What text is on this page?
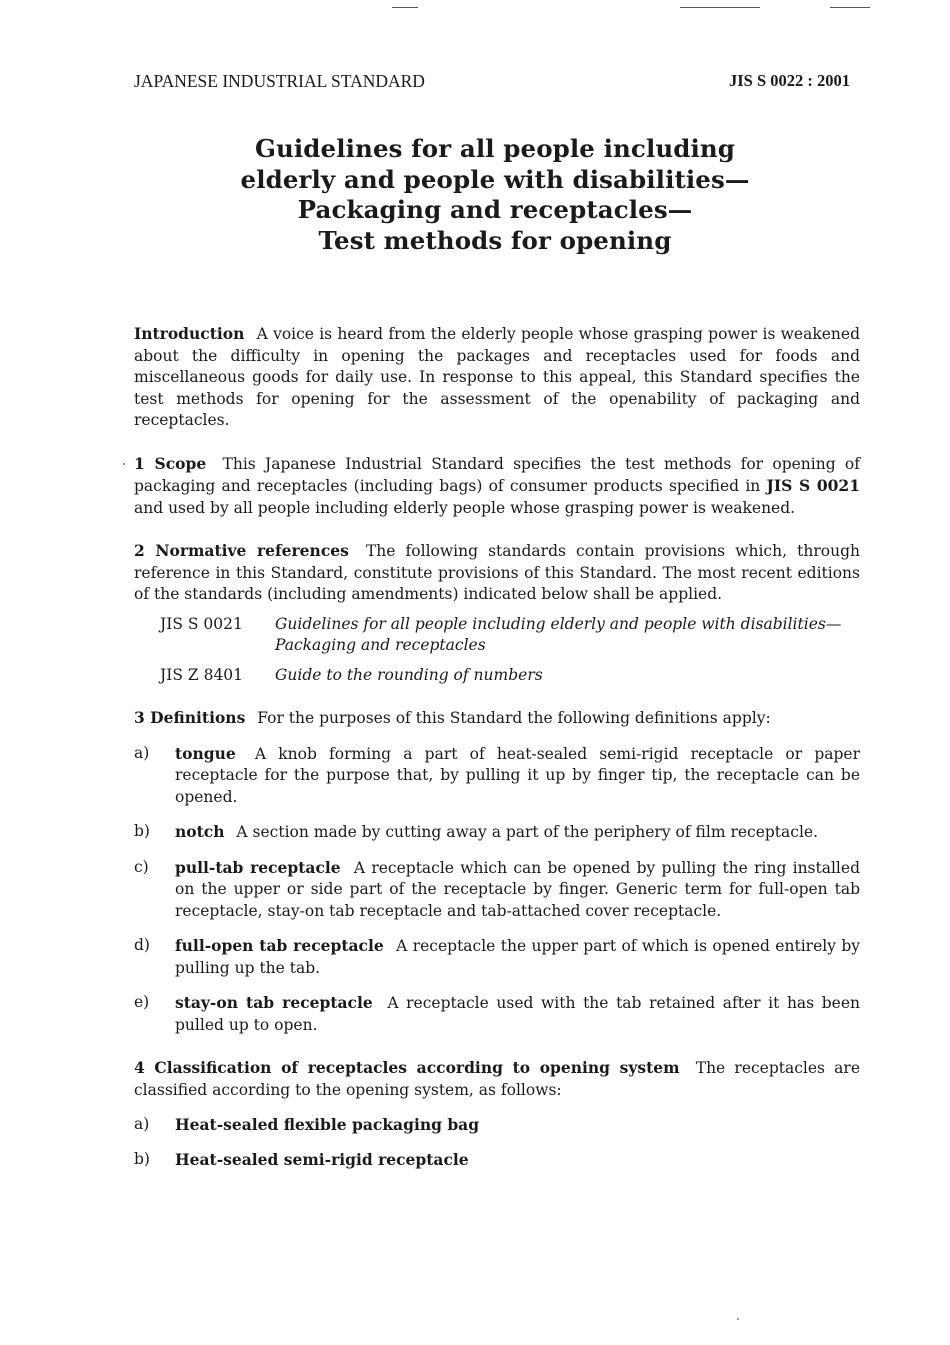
JAPANESE INDUSTRIAL STANDARD	JIS S 0022 : 2001
Guidelines for all people including
elderly and people with disabilities—
Packaging and receptacles—
Test methods for opening

Introduction A voice is heard from the elderly people whose grasping power is weakened about the difficulty in opening the packages and receptacles used for foods and miscellaneous goods for daily use. In response to this appeal, this Standard specifies the test methods for opening for the assessment of the openability of packaging and receptacles.

1 Scope This Japanese Industrial Standard specifies the test methods for opening of packaging and receptacles (including bags) of consumer products specified in JIS S 0021 and used by all people including elderly people whose grasping power is weakened.

2 Normative references The following standards contain provisions which, through reference in this Standard, constitute provisions of this Standard. The most recent editions of the standards (including amendments) indicated below shall be applied.

JIS S 0021	Guidelines for all people including elderly and people with disabilities—Packaging and receptacles
JIS Z 8401	Guide to the rounding of numbers

3 Definitions For the purposes of this Standard the following definitions apply:

a)	tongue A knob forming a part of heat-sealed semi-rigid receptacle or paper receptacle for the purpose that, by pulling it up by finger tip, the receptacle can be opened.
b)	notch A section made by cutting away a part of the periphery of film receptacle.
c)	pull-tab receptacle A receptacle which can be opened by pulling the ring installed on the upper or side part of the receptacle by finger. Generic term for full-open tab receptacle, stay-on tab receptacle and tab-attached cover receptacle.
d)	full-open tab receptacle A receptacle the upper part of which is opened entirely by pulling up the tab.
e)	stay-on tab receptacle A receptacle used with the tab retained after it has been pulled up to open.

4 Classification of receptacles according to opening system The receptacles are classified according to the opening system, as follows:

a)	Heat-sealed flexible packaging bag
b)	Heat-sealed semi-rigid receptacle
